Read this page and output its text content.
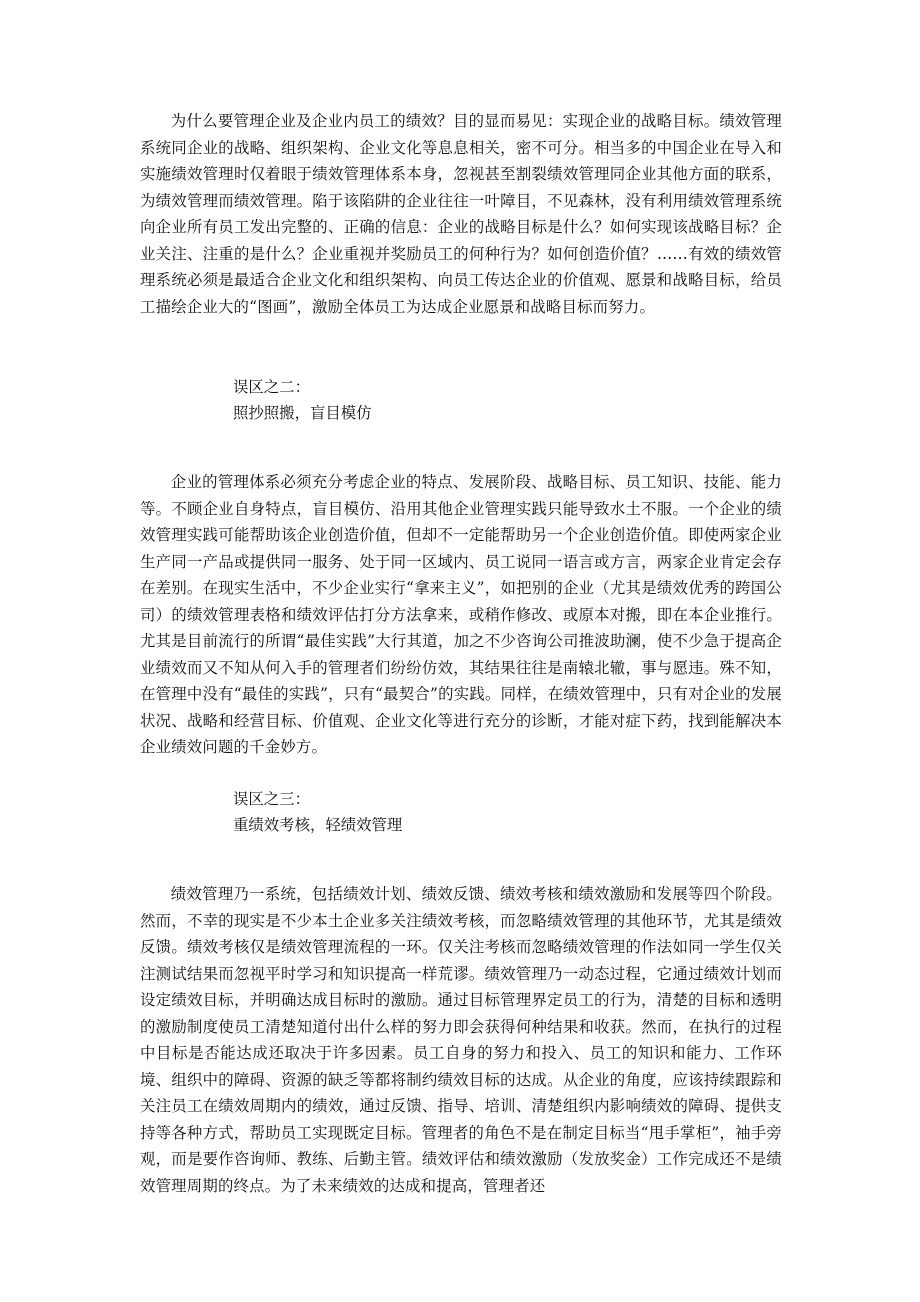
为什么要管理企业及企业内员工的绩效？目的显而易见：实现企业的战略目标。绩效管理系统同企业的战略、组织架构、企业文化等息息相关，密不可分。相当多的中国企业在导入和实施绩效管理时仅着眼于绩效管理体系本身，忽视甚至割裂绩效管理同企业其他方面的联系，为绩效管理而绩效管理。陷于该陷阱的企业往往一叶障目，不见森林，没有利用绩效管理系统向企业所有员工发出完整的、正确的信息：企业的战略目标是什么？如何实现该战略目标？企业关注、注重的是什么？企业重视并奖励员工的何种行为？如何创造价值？……有效的绩效管理系统必须是最适合企业文化和组织架构、向员工传达企业的价值观、愿景和战略目标，给员工描绘企业大的“图画”，激励全体员工为达成企业愿景和战略目标而努力。

误区之二：
照抄照搬，盲目模仿

企业的管理体系必须充分考虑企业的特点、发展阶段、战略目标、员工知识、技能、能力等。不顾企业自身特点，盲目模仿、沿用其他企业管理实践只能导致水土不服。一个企业的绩效管理实践可能帮助该企业创造价值，但却不一定能帮助另一个企业创造价值。即使两家企业生产同一产品或提供同一服务、处于同一区域内、员工说同一语言或方言，两家企业肯定会存在差别。在现实生活中，不少企业实行“拿来主义”，如把别的企业（尤其是绩效优秀的跨国公司）的绩效管理表格和绩效评估打分方法拿来，或稍作修改、或原本对搬，即在本企业推行。尤其是目前流行的所谓“最佳实践”大行其道，加之不少咨询公司推波助澜，使不少急于提高企业绩效而又不知从何入手的管理者们纷纷仿效，其结果往往是南辕北辙，事与愿违。殊不知，在管理中没有“最佳的实践”，只有“最契合”的实践。同样，在绩效管理中，只有对企业的发展状况、战略和经营目标、价值观、企业文化等进行充分的诊断，才能对症下药，找到能解决本企业绩效问题的千金妙方。

误区之三：
重绩效考核，轻绩效管理

绩效管理乃一系统，包括绩效计划、绩效反馈、绩效考核和绩效激励和发展等四个阶段。然而，不幸的现实是不少本土企业多关注绩效考核，而忽略绩效管理的其他环节，尤其是绩效反馈。绩效考核仅是绩效管理流程的一环。仅关注考核而忽略绩效管理的作法如同一学生仅关注测试结果而忽视平时学习和知识提高一样荒谬。绩效管理乃一动态过程，它通过绩效计划而设定绩效目标，并明确达成目标时的激励。通过目标管理界定员工的行为，清楚的目标和透明的激励制度使员工清楚知道付出什么样的努力即会获得何种结果和收获。然而，在执行的过程中目标是否能达成还取决于许多因素。员工自身的努力和投入、员工的知识和能力、工作环境、组织中的障碍、资源的缺乏等都将制约绩效目标的达成。从企业的角度，应该持续跟踪和关注员工在绩效周期内的绩效，通过反馈、指导、培训、清楚组织内影响绩效的障碍、提供支持等各种方式，帮助员工实现既定目标。管理者的角色不是在制定目标当“甩手掌柜”，袖手旁观，而是要作咨询师、教练、后勤主管。绩效评估和绩效激励（发放奖金）工作完成还不是绩效管理周期的终点。为了未来绩效的达成和提高，管理者还
